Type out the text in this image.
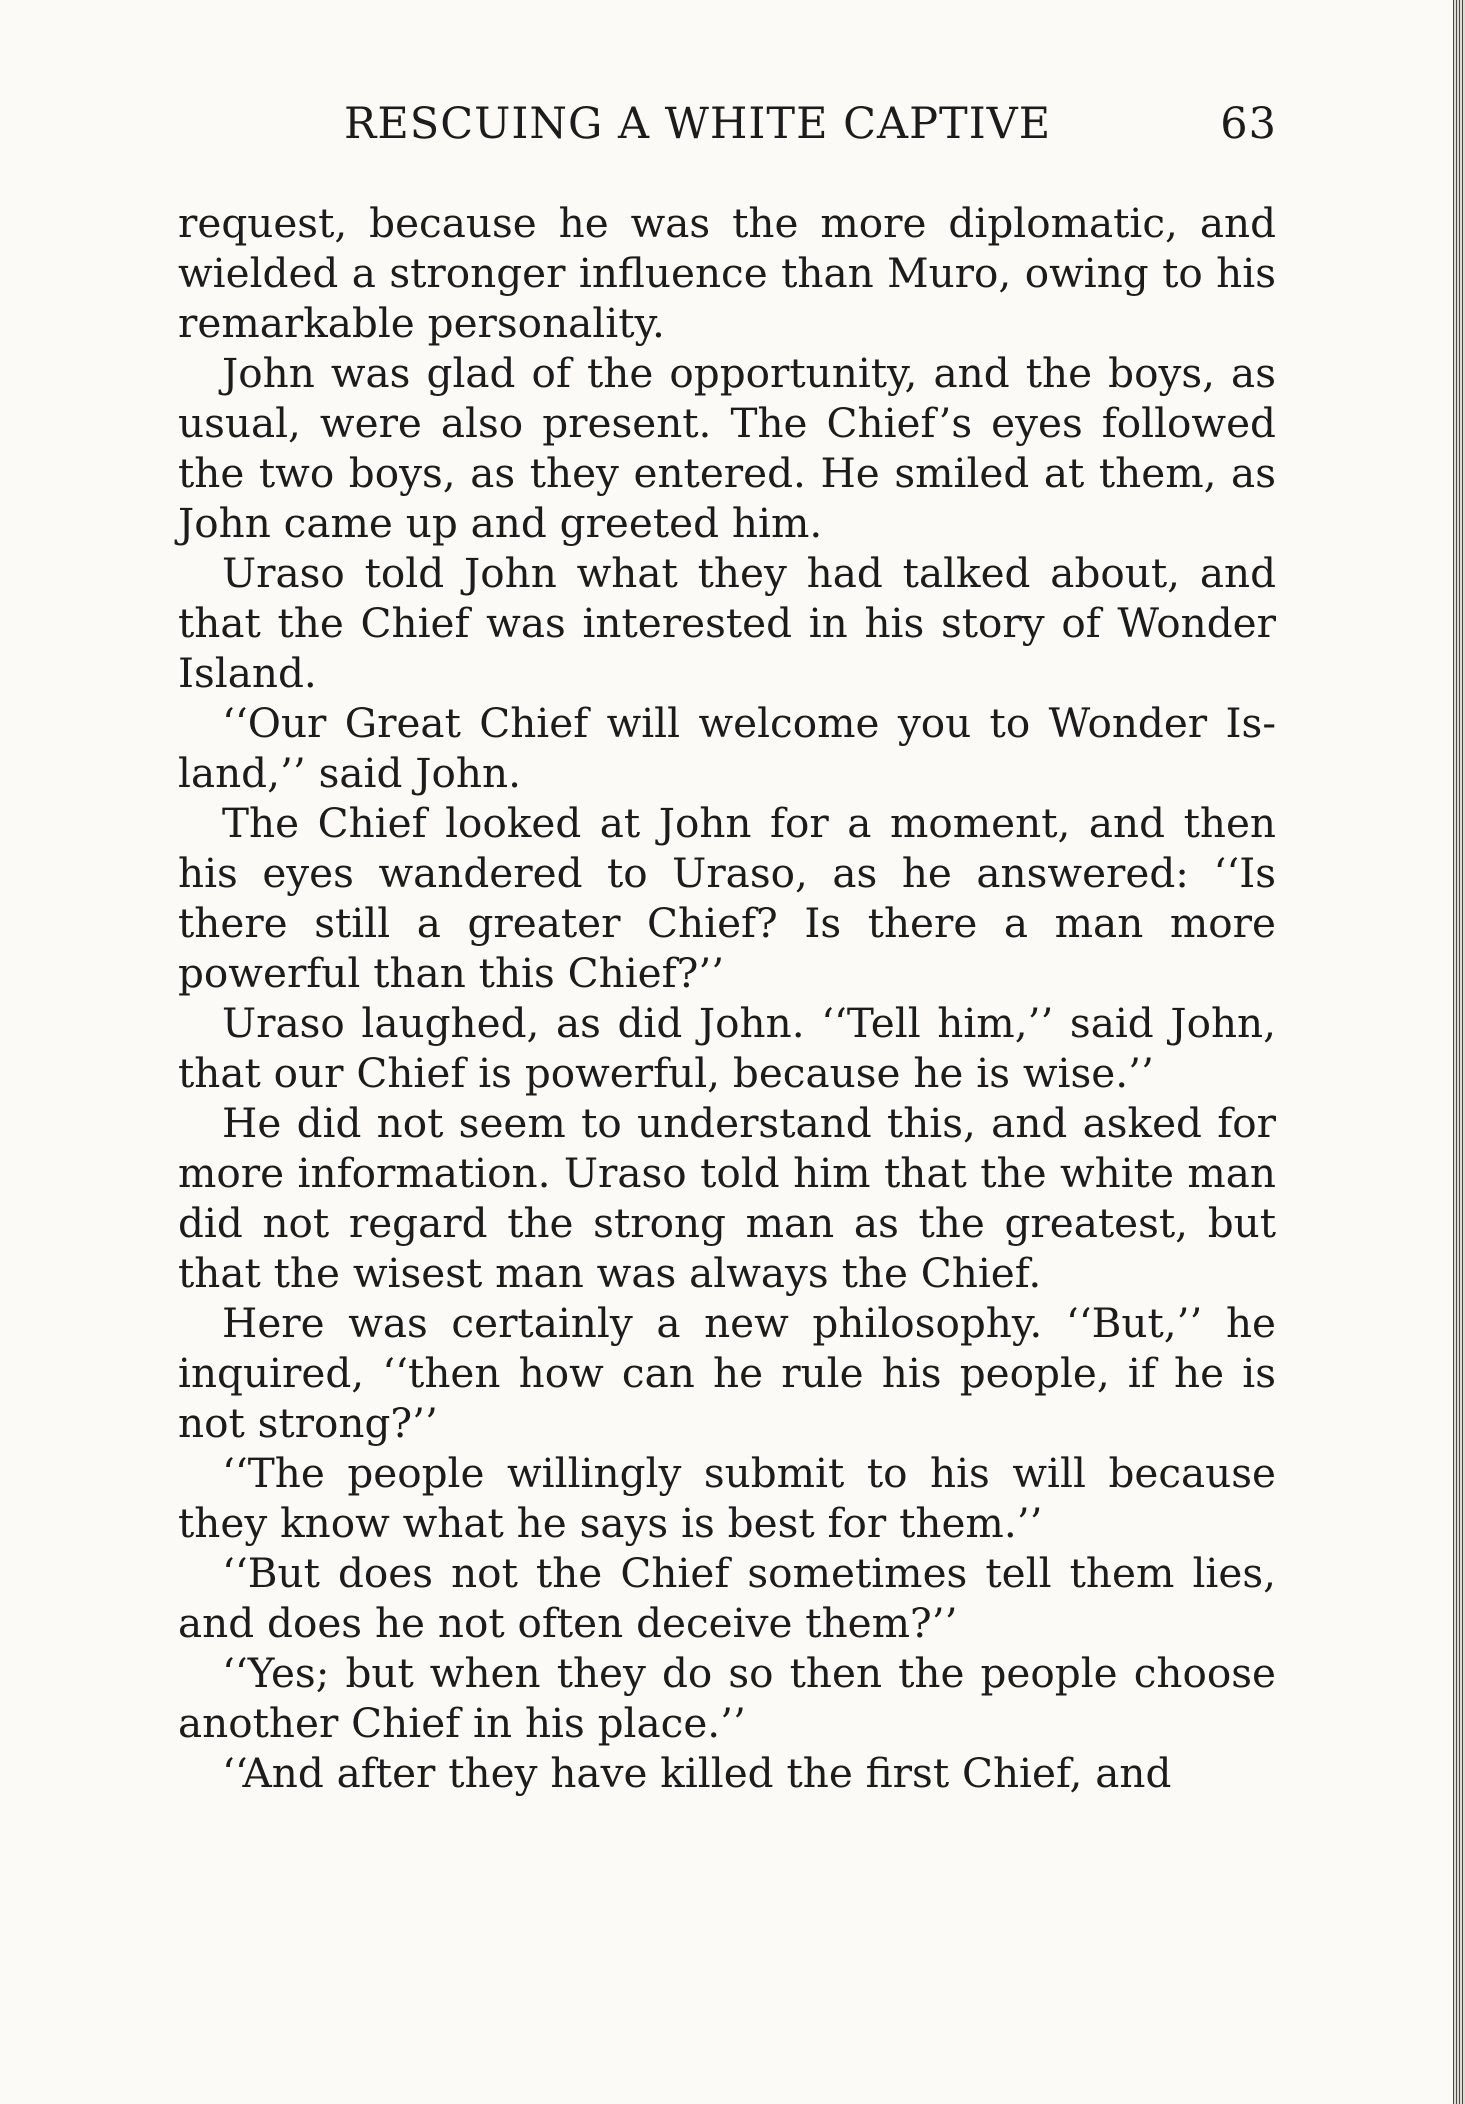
RESCUING A WHITE CAPTIVE	63

request, because he was the more diplomatic, and wielded a stronger influence than Muro, owing to his remarkable personality.

John was glad of the opportunity, and the boys, as usual, were also present. The Chief’s eyes followed the two boys, as they entered. He smiled at them, as John came up and greeted him.

Uraso told John what they had talked about, and that the Chief was interested in his story of Wonder Island.

‘‘Our Great Chief will welcome you to Wonder Island,’’ said John.

The Chief looked at John for a moment, and then his eyes wandered to Uraso, as he answered: ‘‘Is there still a greater Chief? Is there a man more powerful than this Chief?’’

Uraso laughed, as did John. ‘‘Tell him,’’ said John, that our Chief is powerful, because he is wise.’’

He did not seem to understand this, and asked for more information. Uraso told him that the white man did not regard the strong man as the greatest, but that the wisest man was always the Chief.

Here was certainly a new philosophy. ‘‘But,’’ he inquired, ‘‘then how can he rule his people, if he is not strong?’’

‘‘The people willingly submit to his will because they know what he says is best for them.’’

‘‘But does not the Chief sometimes tell them lies, and does he not often deceive them?’’

‘‘Yes; but when they do so then the people choose another Chief in his place.’’

‘‘And after they have killed the first Chief, and
